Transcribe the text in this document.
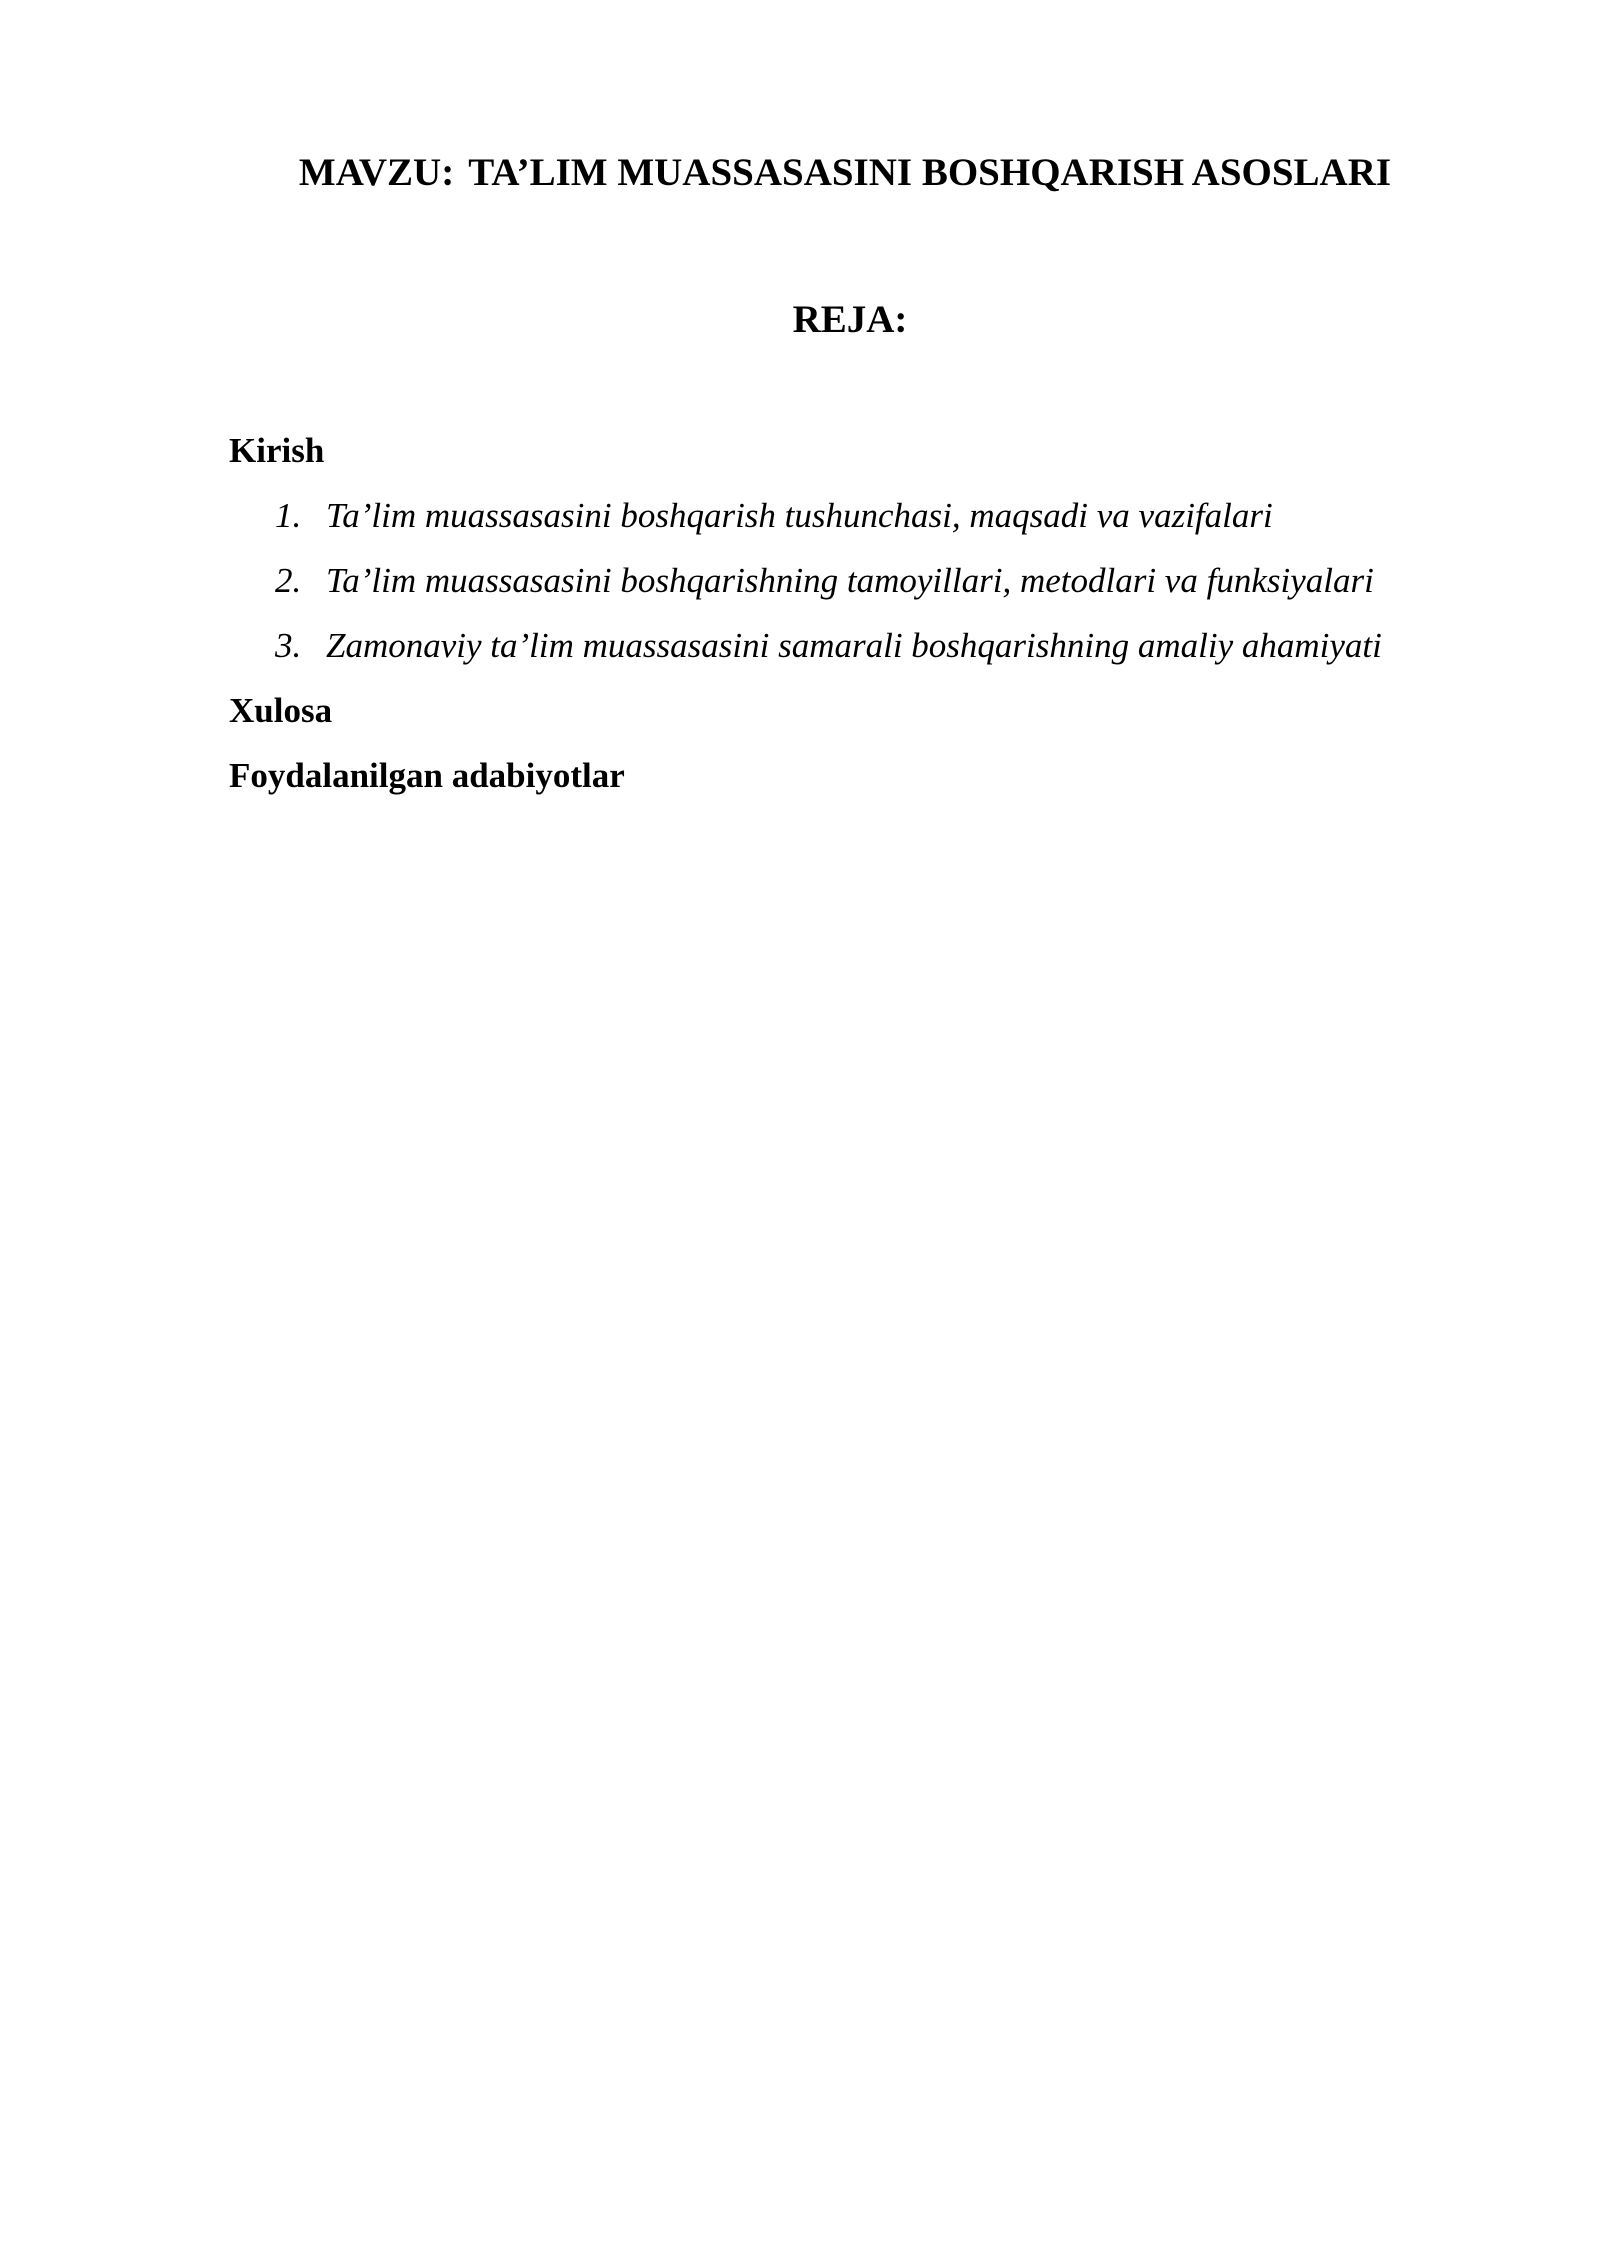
MAVZU: TA’LIM MUASSASASINI BOSHQARISH ASOSLARI
REJA:
Kirish
1. Ta’lim muassasasini boshqarish tushunchasi, maqsadi va vazifalari
2. Ta’lim muassasasini boshqarishning tamoyillari, metodlari va funksiyalari
3. Zamonaviy ta’lim muassasasini samarali boshqarishning amaliy ahamiyati
Xulosa
Foydalanilgan adabiyotlar
